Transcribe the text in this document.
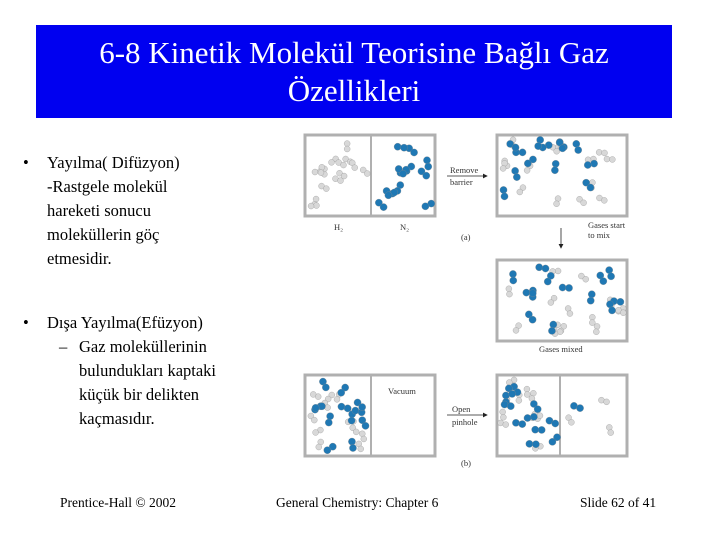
6-8 Kinetik Molekül Teorisine Bağlı Gaz
Özellikleri
• Yayılma( Difüzyon)
-Rastgele molekül
hareketi sonucu
moleküllerin göç
etmesidir.
• Dışa Yayılma(Efüzyon)
– Gaz moleküllerinin
bulundukları kaptaki
küçük bir delikten
kaçmasıdır.
Remove
barrier
H₂	N₂
(a)
Gases start
to mix
Gases mixed
Vacuum
Open
pinhole
(b)
Prentice-Hall © 2002	General Chemistry: Chapter 6	Slide 62 of 41
